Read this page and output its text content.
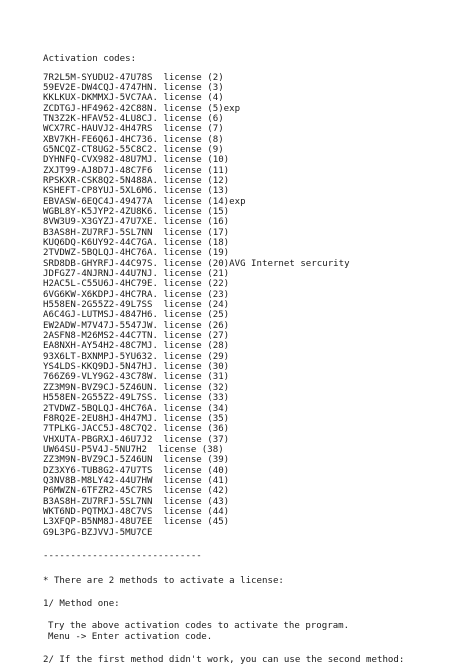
Activation codes:
7R2L5M-SYUDU2-47U78S  license (2)
59EV2E-DW4CQJ-4747HN. license (3)
KKLKUX-DKMMXJ-5VC7AA. license (4)
ZCDTGJ-HF4962-42C88N. license (5)exp
TN3Z2K-HFAV52-4LU8CJ. license (6)
WCX7RC-HAUVJ2-4H47RS  license (7)
XBV7KH-FE6Q6J-4HC736. license (8)
G5NCQZ-CT8UG2-55C8C2. license (9)
DYHNFQ-CVX982-48U7MJ. license (10)
ZXJT99-AJ8D7J-48C7F6  license (11)
RPSKXR-CSK8Q2-5N488A. license (12)
KSHEFT-CP8YUJ-5XL6M6. license (13)
EBVASW-6EQC4J-49477A  license (14)exp
WGBL8Y-K5JYP2-4ZU8K6. license (15)
8VW3U9-X3GYZJ-47U7XE. license (16)
B3AS8H-ZU7RFJ-5SL7NN  license (17)
KUQ6DQ-K6UY92-44C7GA. license (18)
2TVDWZ-5BQLQJ-4HC76A. license (19)
SRD8DB-GHYRFJ-44C97S. license (20)AVG Internet sercurity
JDFGZ7-4NJRNJ-44U7NJ. license (21)
H2AC5L-C55U6J-4HC79E. license (22)
6VG6KW-X6KDPJ-4HC7RA. license (23)
H558EN-2G55Z2-49L7SS  license (24)
A6C4GJ-LUTMSJ-4847H6. license (25)
EW2ADW-M7V47J-5547JW. license (26)
2ASFN8-M26MS2-44C7TN. license (27)
EA8NXH-AY54H2-48C7MJ. license (28)
93X6LT-BXNMPJ-5YU632. license (29)
YS4LDS-KKQ9DJ-5N47HJ. license (30)
766Z69-VLY9G2-43C78W. license (31)
ZZ3M9N-BVZ9CJ-5Z46UN. license (32)
H558EN-2G55Z2-49L7SS. license (33)
2TVDWZ-5BQLQJ-4HC76A. license (34)
F8RQ2E-2EU8HJ-4H47MJ. license (35)
7TPLKG-JACC5J-48C7Q2. license (36)
VHXUTA-PBGRXJ-46U7J2  license (37)
UW64SU-P5V4J-5NU7H2  license (38)
ZZ3M9N-BVZ9CJ-5Z46UN  license (39)
DZ3XY6-TUB8G2-47U7TS  license (40)
Q3NV8B-M8LY42-44U7HW  license (41)
P6MWZN-6TFZR2-45C7RS  license (42)
B3AS8H-ZU7RFJ-5SL7NN  license (43)
WKT6ND-PQTMXJ-48C7VS  license (44)
L3XFQP-B5NM8J-48U7EE  license (45)
G9L3PG-BZJVVJ-5MU7CE
-----------------------------
* There are 2 methods to activate a license:
1/ Method one:
Try the above activation codes to activate the program.
Menu -> Enter activation code.
2/ If the first method didn't work, you can use the second method:
